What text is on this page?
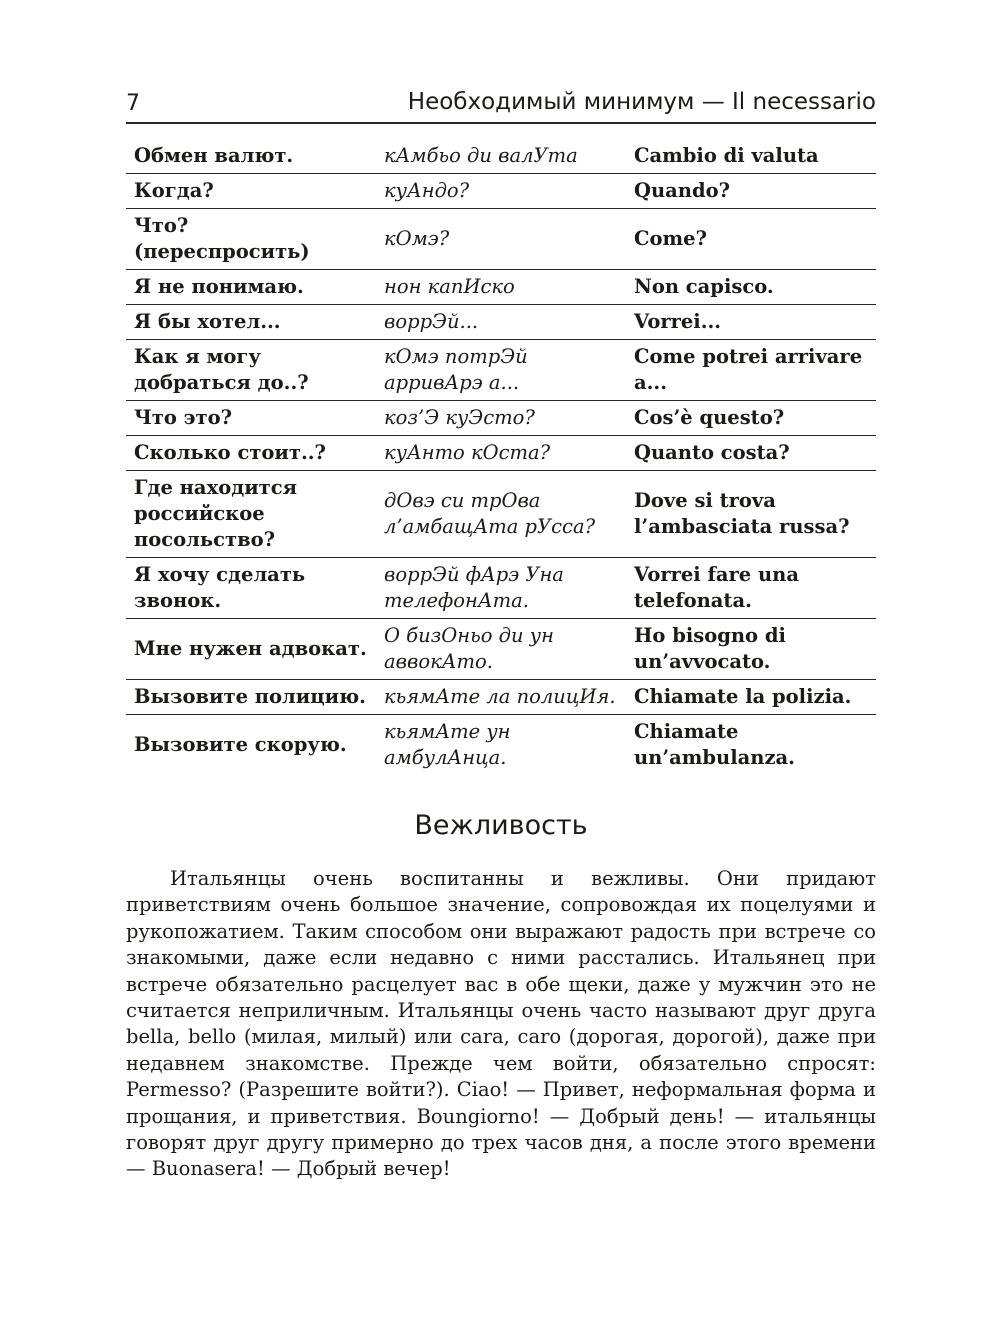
7	Необходимый минимум — Il necessario
Обмен валют.	кАмбьо ди валУта	Cambio di valuta
Когда?	куАндо?	Quando?
Что? (переспросить)	кОмэ?	Come?
Я не понимаю.	нон капИско	Non capisco.
Я бы хотел...	воррЭй...	Vorrei...
Как я могу добраться до..?	кОмэ потрЭй арривАрэ а...	Come potrei arrivare a...
Что это?	коз’Э куЭсто?	Cos’è questo?
Сколько стоит..?	куАнто кОста?	Quanto costa?
Где находится российское посольство?	дОвэ си трОва л’амбащАта рУсса?	Dove si trova l’ambasciata russa?
Я хочу сделать звонок.	воррЭй фАрэ Уна телефонАта.	Vorrei fare una telefonata.
Мне нужен адвокат.	О бизОньо ди ун аввокАто.	Ho bisogno di un’avvocato.
Вызовите полицию.	кьямАте ла полицИя.	Chiamate la polizia.
Вызовите скорую.	кьямАте ун амбулАнца.	Chiamate un’ambulanza.
Вежливость

Итальянцы очень воспитанны и вежливы. Они придают приветствиям очень большое значение, сопровождая их поцелуями и рукопожатием. Таким способом они выражают радость при встрече со знакомыми, даже если недавно с ними расстались. Итальянец при встрече обязательно расцелует вас в обе щеки, даже у мужчин это не считается неприличным. Итальянцы очень часто называют друг друга bella, bello (милая, милый) или cara, caro (дорогая, дорогой), даже при недавнем знакомстве. Прежде чем войти, обязательно спросят: Permesso? (Разрешите войти?). Ciao! — Привет, неформальная форма и прощания, и приветствия. Boungiorno! — Добрый день! — итальянцы говорят друг другу примерно до трех часов дня, а после этого времени — Buonasera! — Добрый вечер!
